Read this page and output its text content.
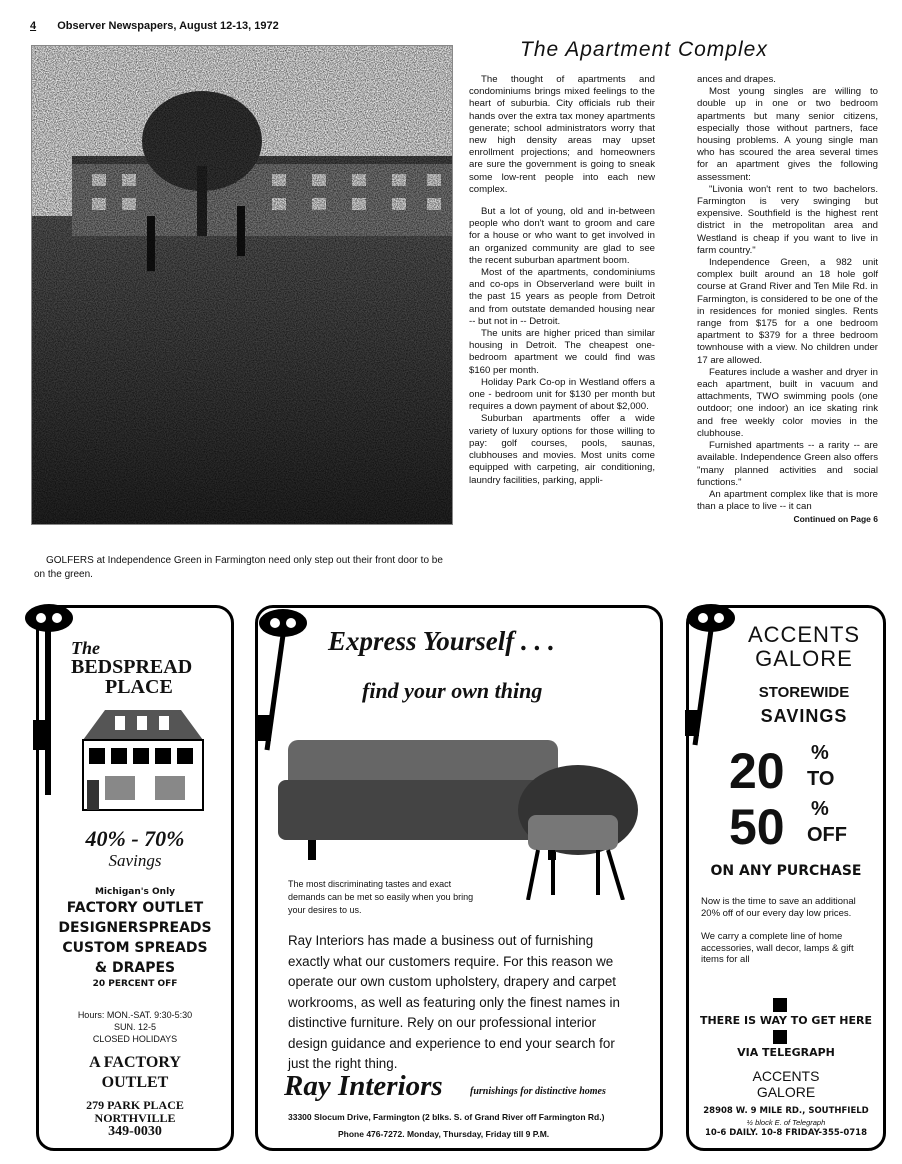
4 Observer Newspapers, August 12-13, 1972
The Apartment Complex
GOLFERS at Independence Green in Farmington need only step out their front door to be on the green.

The thought of apartments and condominiums brings mixed feelings to the heart of suburbia. City officials rub their hands over the extra tax money apartments generate; school administrators worry that new high density areas may upset enrollment projections; and homeowners are sure the government is going to sneak some low-rent people into each new complex.

But a lot of young, old and in-between people who don't want to groom and care for a house or who want to get involved in an organized community are glad to see the recent suburban apartment boom.

Most of the apartments, condominiums and co-ops in Observerland were built in the past 15 years as people from Detroit and from outstate demanded housing near -- but not in -- Detroit.

The units are higher priced than similar housing in Detroit. The cheapest one-bedroom apartment we could find was $160 per month.

Holiday Park Co-op in Westland offers a one - bedroom unit for $130 per month but requires a down payment of about $2,000.

Suburban apartments offer a wide variety of luxury options for those willing to pay: golf courses, pools, saunas, clubhouses and movies. Most units come equipped with carpeting, air conditioning, laundry facilities, parking, appli-

ances and drapes.

Most young singles are willing to double up in one or two bedroom apartments but many senior citizens, especially those without partners, face housing problems. A young single man who has scoured the area several times for an apartment gives the following assessment:

"Livonia won't rent to two bachelors. Farmington is very swinging but expensive. Southfield is the highest rent district in the metropolitan area and Westland is cheap if you want to live in farm country."

Independence Green, a 982 unit complex built around an 18 hole golf course at Grand River and Ten Mile Rd. in Farmington, is considered to be one of the in residences for monied singles. Rents range from $175 for a one bedroom apartment to $379 for a three bedroom townhouse with a view. No children under 17 are allowed.

Features include a washer and dryer in each apartment, built in vacuum and attachments, TWO swimming pools (one outdoor; one indoor) an ice skating rink and free weekly color movies in the clubhouse.

Furnished apartments -- a rarity -- are available. Independence Green also offers "many planned activities and social functions."

An apartment complex like that is more than a place to live -- it can

Continued on Page 6
The
BEDSPREAD
PLACE
40% - 70%
Savings
Michigan's Only
FACTORY OUTLET
DESIGNERSPREADS
CUSTOM SPREADS
& DRAPES
20 PERCENT OFF
Hours: MON.-SAT. 9:30-5:30
SUN. 12-5
CLOSED HOLIDAYS
A FACTORY
OUTLET
279 PARK PLACE
NORTHVILLE
349-0030
Express Yourself . . .
find your own thing
The most discriminating tastes and exact demands can be met so easily when you bring your desires to us.
Ray Interiors has made a business out of furnishing exactly what our customers require. For this reason we operate our own custom upholstery, drapery and carpet workrooms, as well as featuring only the finest names in distinctive furniture. Rely on our professional interior design guidance and experience to end your search for just the right thing.
Ray Interiors	furnishings for distinctive homes
33300 Slocum Drive, Farmington (2 blks. S. of Grand River off Farmington Rd.)
Phone 476-7272. Monday, Thursday, Friday till 9 P.M.
ACCENTS
GALORE
STOREWIDE
SAVINGS
20 %
TO
50 %
OFF
ON ANY PURCHASE
Now is the time to save an additional 20% off of our every day low prices.
We carry a complete line of home accessories, wall decor, lamps & gift items for all
THERE IS WAY TO GET HERE
VIA TELEGRAPH
ACCENTS
GALORE
28908 W. 9 MILE RD., SOUTHFIELD
½ block E. of Telegraph
10-6 DAILY. 10-8 FRIDAY-355-0718
